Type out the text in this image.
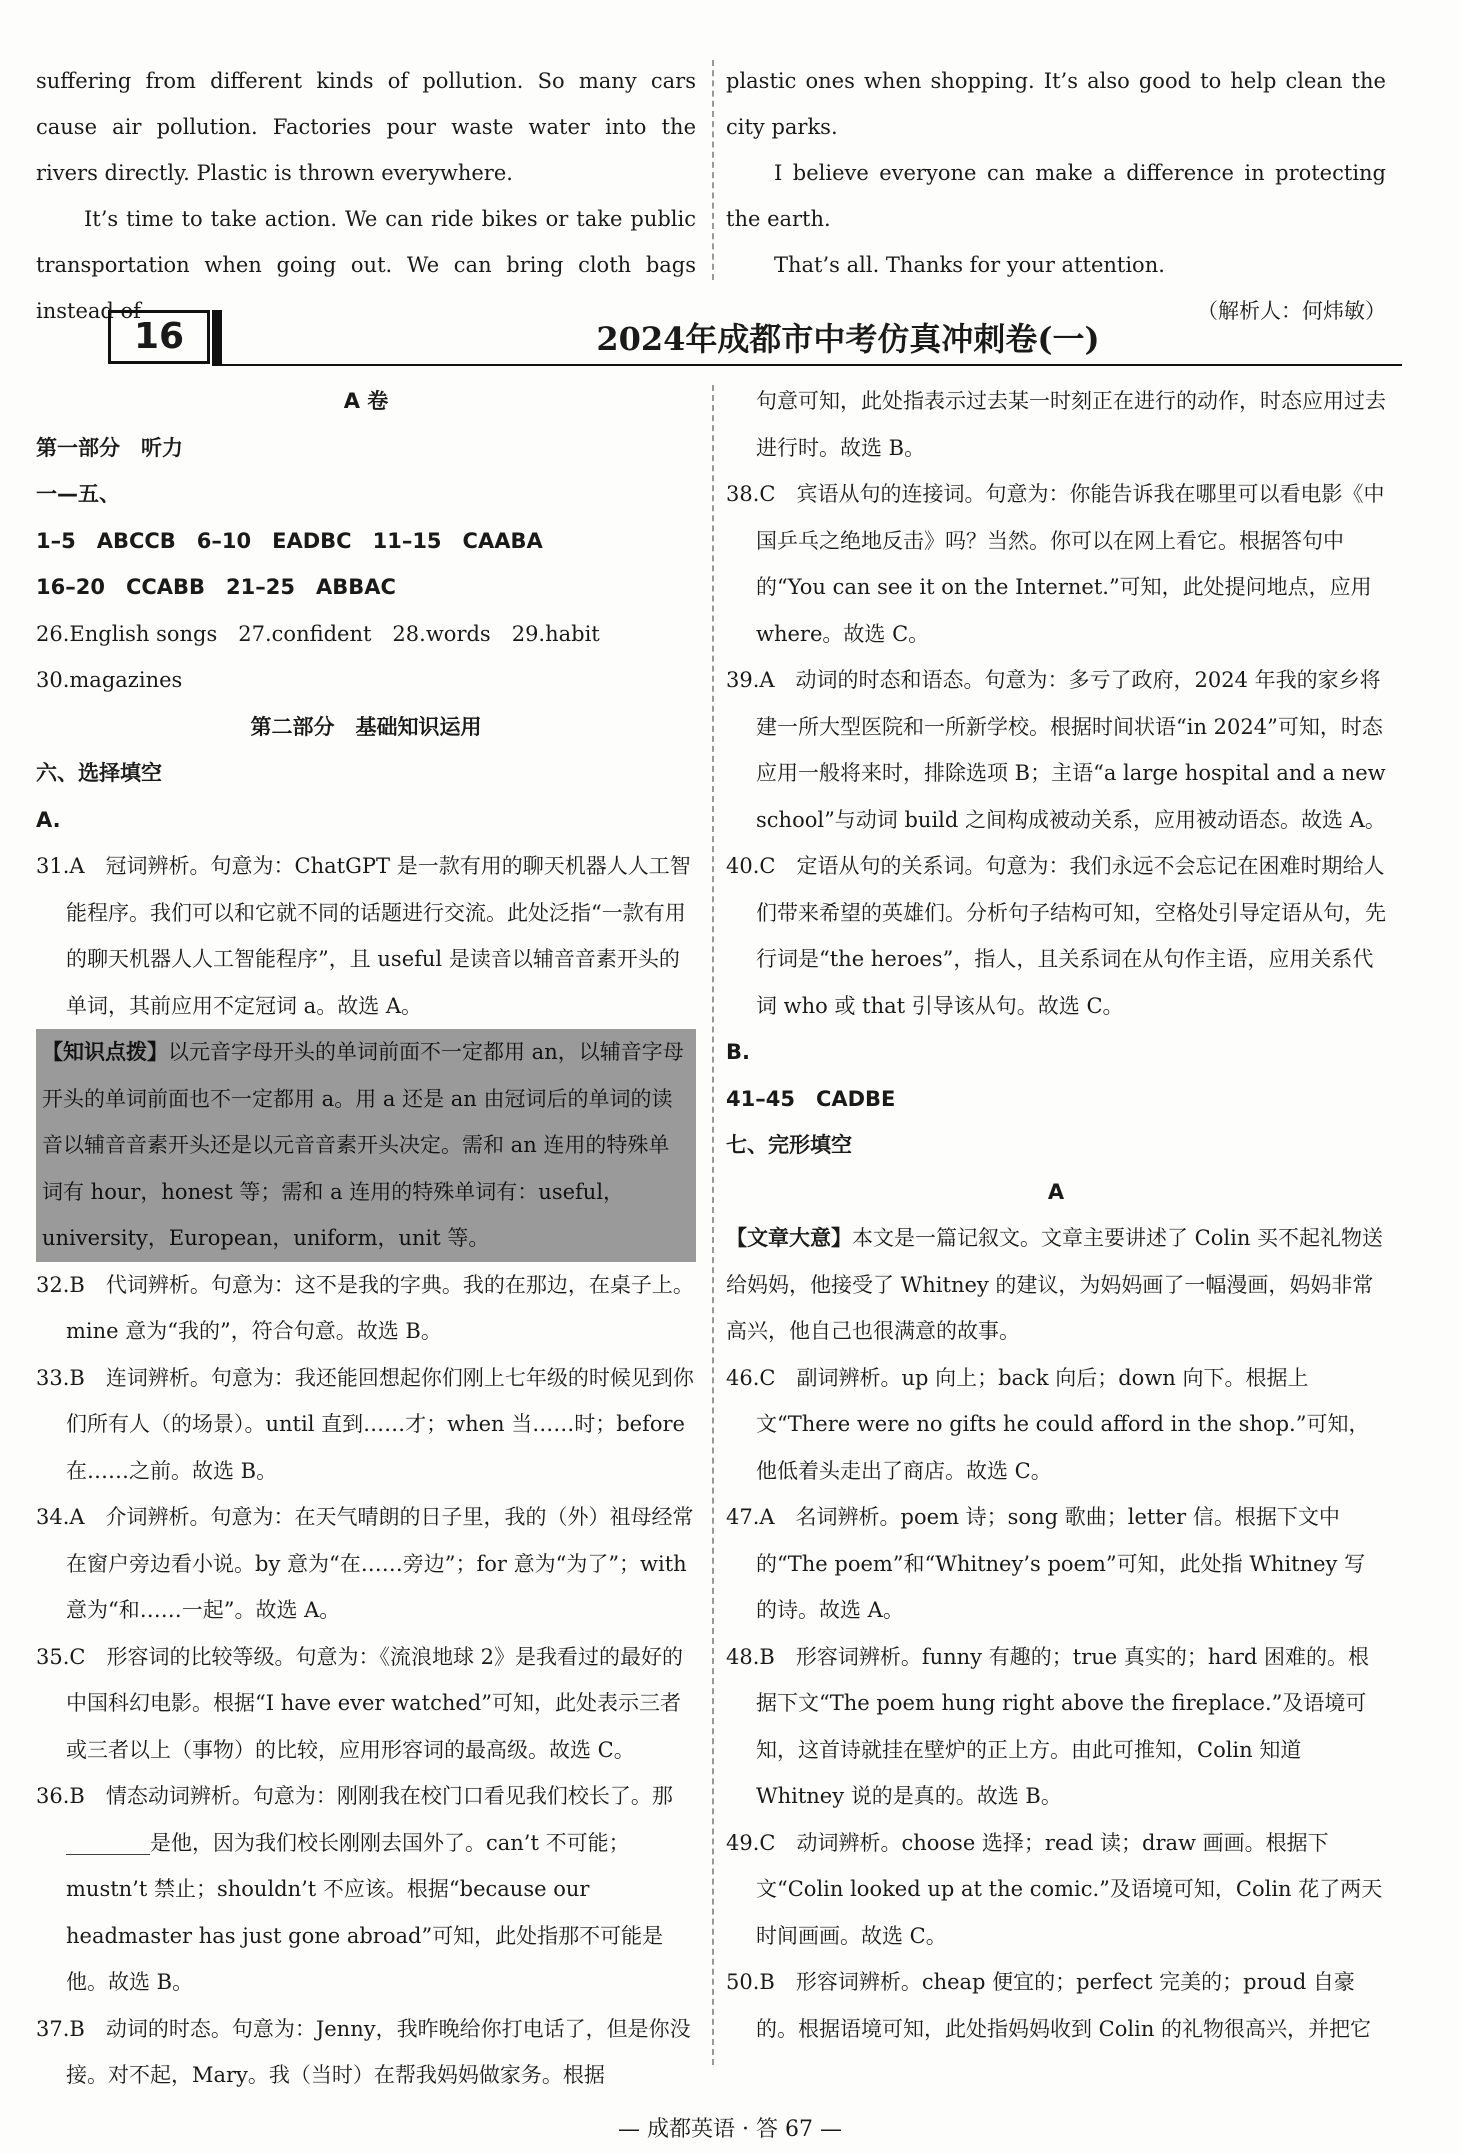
suffering from different kinds of pollution. So many cars cause air pollution. Factories pour waste water into the rivers directly. Plastic is thrown everywhere.

It’s time to take action. We can ride bikes or take public transportation when going out. We can bring cloth bags instead of

plastic ones when shopping. It’s also good to help clean the city parks.

I believe everyone can make a difference in protecting the earth.

That’s all. Thanks for your attention.

（解析人：何炜敏）

16	2024年成都市中考仿真冲刺卷(一)

A 卷

第一部分　听力

一—五、

1–5　ABCCB　6–10　EADBC　11–15　CAABA

16–20　CCABB　21–25　ABBAC

26.English songs　27.confident　28.words　29.habit

30.magazines

第二部分　基础知识运用

六、选择填空

A.

31.A　冠词辨析。句意为：ChatGPT 是一款有用的聊天机器人人工智能程序。我们可以和它就不同的话题进行交流。此处泛指“一款有用的聊天机器人人工智能程序”，且 useful 是读音以辅音音素开头的单词，其前应用不定冠词 a。故选 A。

【知识点拨】以元音字母开头的单词前面不一定都用 an，以辅音字母开头的单词前面也不一定都用 a。用 a 还是 an 由冠词后的单词的读音以辅音音素开头还是以元音音素开头决定。需和 an 连用的特殊单词有 hour，honest 等；需和 a 连用的特殊单词有：useful，university，European，uniform，unit 等。

32.B　代词辨析。句意为：这不是我的字典。我的在那边，在桌子上。mine 意为“我的”，符合句意。故选 B。

33.B　连词辨析。句意为：我还能回想起你们刚上七年级的时候见到你们所有人（的场景）。until 直到……才；when 当……时；before 在……之前。故选 B。

34.A　介词辨析。句意为：在天气晴朗的日子里，我的（外）祖母经常在窗户旁边看小说。by 意为“在……旁边”；for 意为“为了”；with 意为“和……一起”。故选 A。

35.C　形容词的比较等级。句意为：《流浪地球 2》是我看过的最好的中国科幻电影。根据“I have ever watched”可知，此处表示三者或三者以上（事物）的比较，应用形容词的最高级。故选 C。

36.B　情态动词辨析。句意为：刚刚我在校门口看见我们校长了。那________是他，因为我们校长刚刚去国外了。can’t 不可能；mustn’t 禁止；shouldn’t 不应该。根据“because our headmaster has just gone abroad”可知，此处指那不可能是他。故选 B。

37.B　动词的时态。句意为：Jenny，我昨晚给你打电话了，但是你没接。对不起，Mary。我（当时）在帮我妈妈做家务。根据

句意可知，此处指表示过去某一时刻正在进行的动作，时态应用过去进行时。故选 B。

38.C　宾语从句的连接词。句意为：你能告诉我在哪里可以看电影《中国乒乓之绝地反击》吗？当然。你可以在网上看它。根据答句中的“You can see it on the Internet.”可知，此处提问地点，应用 where。故选 C。

39.A　动词的时态和语态。句意为：多亏了政府，2024 年我的家乡将建一所大型医院和一所新学校。根据时间状语“in 2024”可知，时态应用一般将来时，排除选项 B；主语“a large hospital and a new school”与动词 build 之间构成被动关系，应用被动语态。故选 A。

40.C　定语从句的关系词。句意为：我们永远不会忘记在困难时期给人们带来希望的英雄们。分析句子结构可知，空格处引导定语从句，先行词是“the heroes”，指人，且关系词在从句作主语，应用关系代词 who 或 that 引导该从句。故选 C。

B.

41–45　CADBE

七、完形填空

A

【文章大意】本文是一篇记叙文。文章主要讲述了 Colin 买不起礼物送给妈妈，他接受了 Whitney 的建议，为妈妈画了一幅漫画，妈妈非常高兴，他自己也很满意的故事。

46.C　副词辨析。up 向上；back 向后；down 向下。根据上文“There were no gifts he could afford in the shop.”可知，他低着头走出了商店。故选 C。

47.A　名词辨析。poem 诗；song 歌曲；letter 信。根据下文中的“The poem”和“Whitney’s poem”可知，此处指 Whitney 写的诗。故选 A。

48.B　形容词辨析。funny 有趣的；true 真实的；hard 困难的。根据下文“The poem hung right above the fireplace.”及语境可知，这首诗就挂在壁炉的正上方。由此可推知，Colin 知道 Whitney 说的是真的。故选 B。

49.C　动词辨析。choose 选择；read 读；draw 画画。根据下文“Colin looked up at the comic.”及语境可知，Colin 花了两天时间画画。故选 C。

50.B　形容词辨析。cheap 便宜的；perfect 完美的；proud 自豪的。根据语境可知，此处指妈妈收到 Colin 的礼物很高兴，并把它

— 成都英语 · 答 67 —
